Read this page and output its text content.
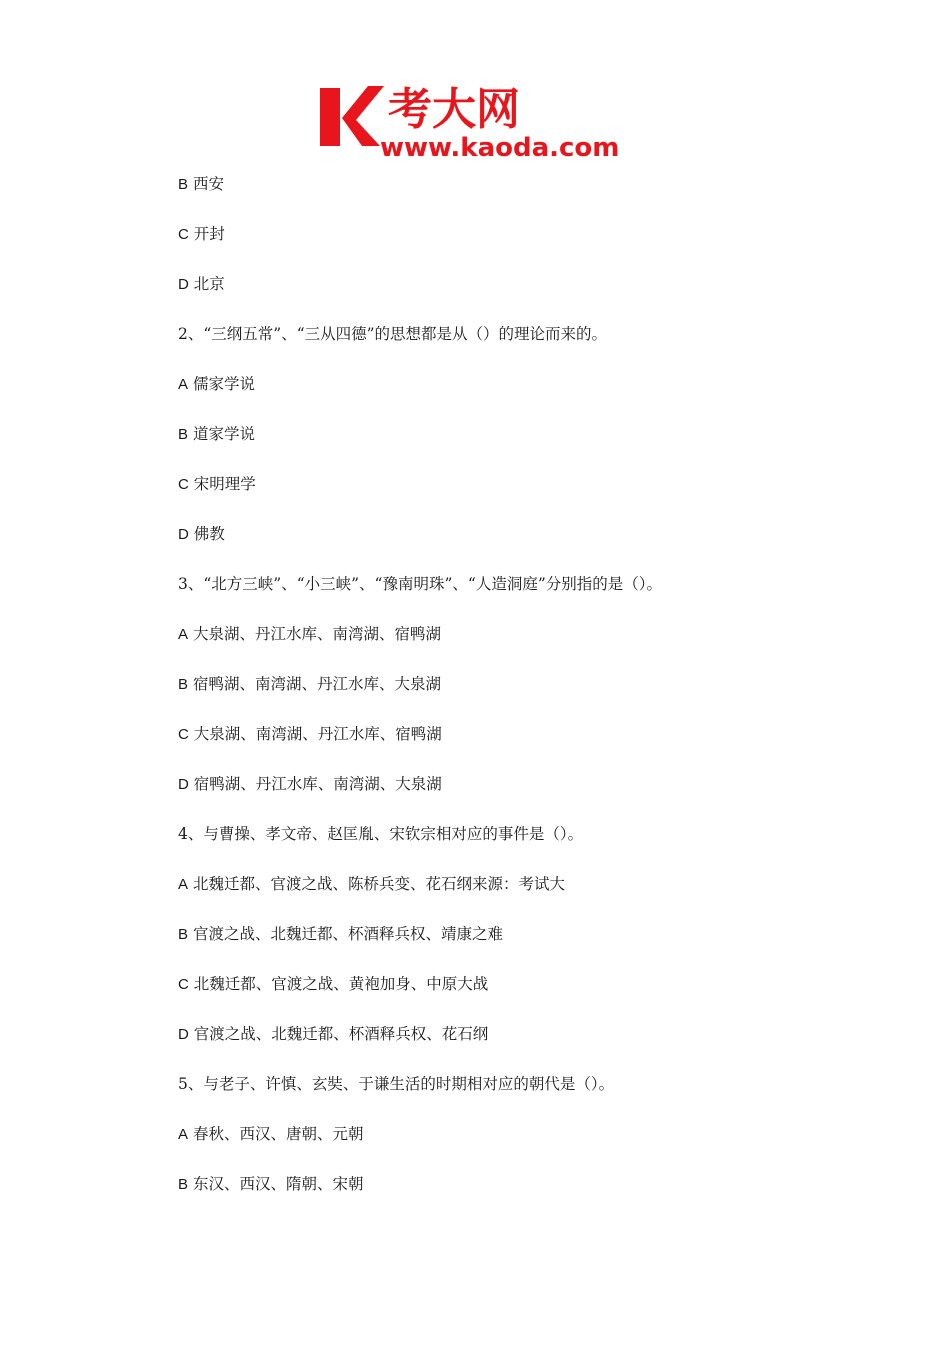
考大网
www.kaoda.com
B 西安
C 开封
D 北京
2、“三纲五常”、“三从四德”的思想都是从（）的理论而来的。
A 儒家学说
B 道家学说
C 宋明理学
D 佛教
3、“北方三峡”、“小三峡”、“豫南明珠”、“人造洞庭”分别指的是（）。
A 大泉湖、丹江水库、南湾湖、宿鸭湖
B 宿鸭湖、南湾湖、丹江水库、大泉湖
C 大泉湖、南湾湖、丹江水库、宿鸭湖
D 宿鸭湖、丹江水库、南湾湖、大泉湖
4、与曹操、孝文帝、赵匡胤、宋钦宗相对应的事件是（）。
A 北魏迁都、官渡之战、陈桥兵变、花石纲来源：考试大
B 官渡之战、北魏迁都、杯酒释兵权、靖康之难
C 北魏迁都、官渡之战、黄袍加身、中原大战
D 官渡之战、北魏迁都、杯酒释兵权、花石纲
5、与老子、许慎、玄奘、于谦生活的时期相对应的朝代是（）。
A 春秋、西汉、唐朝、元朝
B 东汉、西汉、隋朝、宋朝
